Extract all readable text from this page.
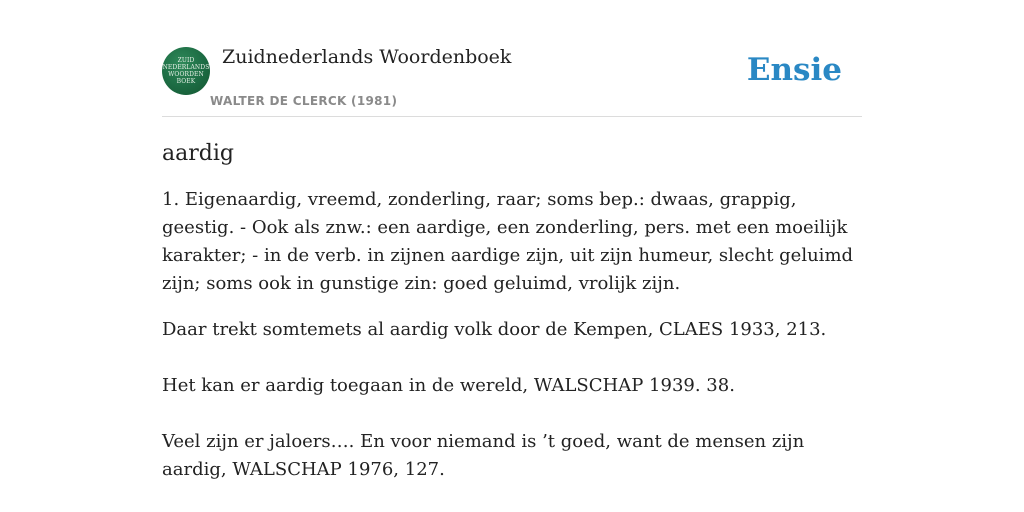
ZUID
NEDERLANDS
WOORDEN
BOEK
Zuidnederlands Woordenboek
WALTER DE CLERCK (1981)
Ensie
aardig

1. Eigenaardig, vreemd, zonderling, raar; soms bep.: dwaas, grappig, geestig. - Ook als znw.: een aardige, een zonderling, pers. met een moeilijk karakter; - in de verb. in zijnen aardige zijn, uit zijn humeur, slecht geluimd zijn; soms ook in gunstige zin: goed geluimd, vrolijk zijn.

Daar trekt somtemets al aardig volk door de Kempen, CLAES 1933, 213.

Het kan er aardig toegaan in de wereld, WALSCHAP 1939. 38.

Veel zijn er jaloers…. En voor niemand is ’t goed, want de mensen zijn aardig, WALSCHAP 1976, 127.
